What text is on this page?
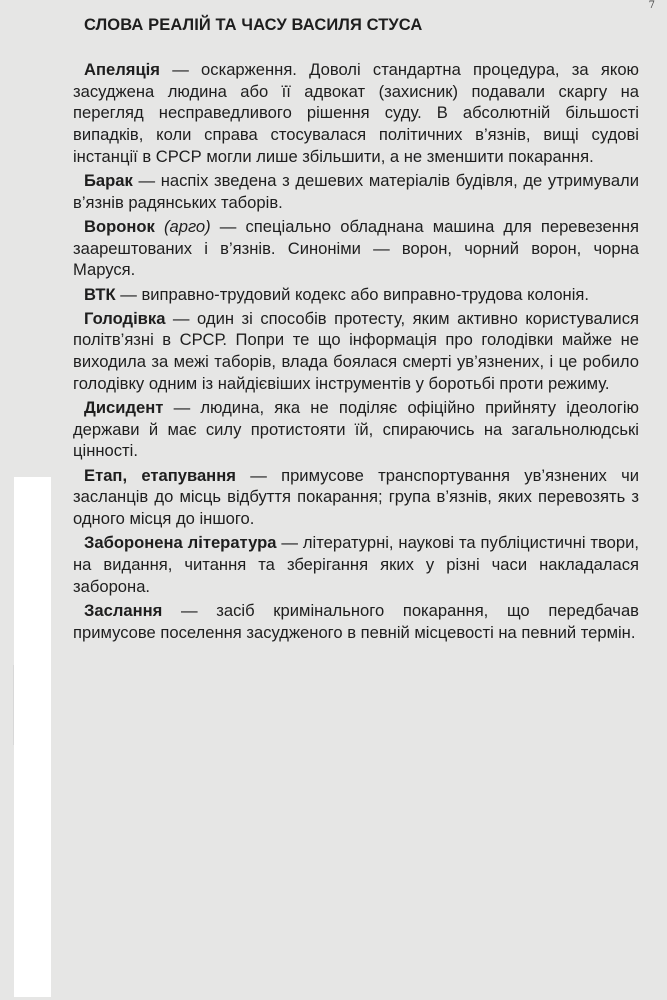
7
СЛОВА РЕАЛІЙ ТА ЧАСУ ВАСИЛЯ СТУСА

Апеляція — оскарження. Доволі стандартна процедура, за якою засуджена людина або її адвокат (захисник) подавали скаргу на перегляд несправедливого рішення суду. В абсолютній більшості випадків, коли справа стосувалася політичних в’язнів, вищі судові інстанції в СРСР могли лише збільшити, а не зменшити покарання.

Барак — наспіх зведена з дешевих матеріалів будівля, де утримували в’язнів радянських таборів.

Воронок (арго) — спеціально обладнана машина для перевезення заарештованих і в’язнів. Синоніми — ворон, чорний ворон, чорна Маруся.

ВТК — виправно-трудовий кодекс або виправно-трудова колонія.

Голодівка — один зі способів протесту, яким активно користувалися політв’язні в СРСР. Попри те що інформація про голодівки майже не виходила за межі таборів, влада боялася смерті ув’язнених, і це робило голодівку одним із найдієвіших інструментів у боротьбі проти режиму.

Дисидент — людина, яка не поділяє офіційно прийняту ідеологію держави й має силу протистояти їй, спираючись на загальнолюдські цінності.

Етап, етапування — примусове транспортування ув’язнених чи засланців до місць відбуття покарання; група в’язнів, яких перевозять з одного місця до іншого.

Заборонена література — літературні, наукові та публіцистичні твори, на видання, читання та зберігання яких у різні часи накладалася заборона.

Заслання — засіб кримінального покарання, що передбачав примусове поселення засудженого в певній місцевості на певний термін.
